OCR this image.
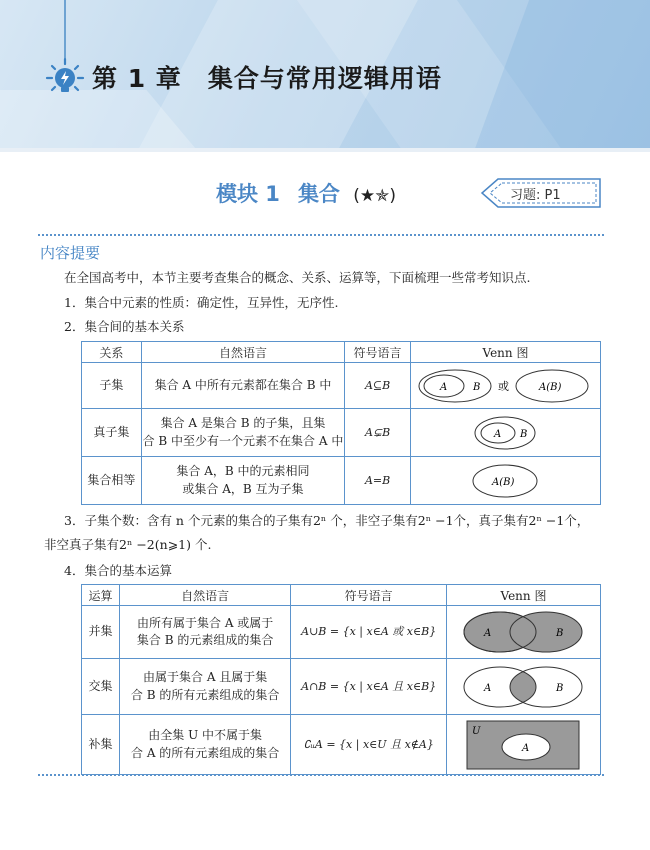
第 1 章 集合与常用逻辑用语
模块 1 集合 (★✯)	习题: P1
内容提要
在全国高考中，本节主要考查集合的概念、关系、运算等，下面梳理一些常考知识点.
1．集合中元素的性质：确定性，互异性，无序性.
2．集合间的基本关系
关系	自然语言	符号语言	Venn 图
子集	集合 A 中所有元素都在集合 B 中	A⊆B	A B 或 A(B)

真子集	集合 A 是集合 B 的子集，且集
合 B 中至少有一个元素不在集合 A 中	A⊊B	A B

集合相等	集合 A，B 中的元素相同
或集合 A，B 互为子集	A=B	A(B)
3．子集个数：含有 n 个元素的集合的子集有2ⁿ 个，非空子集有2ⁿ −1个，真子集有2ⁿ −1个，
非空真子集有2ⁿ −2(n⩾1) 个.
4．集合的基本运算
运算	自然语言	符号语言	Venn 图
并集	由所有属于集合 A 或属于
集合 B 的元素组成的集合	A∪B = {x | x∈A 或 x∈B}	A B

交集	由属于集合 A 且属于集
合 B 的所有元素组成的集合	A∩B = {x | x∈A 且 x∈B}	A B

补集	由全集 U 中不属于集
合 A 的所有元素组成的集合	∁ᵤA = {x | x∈U 且 x∉A}	U
A
